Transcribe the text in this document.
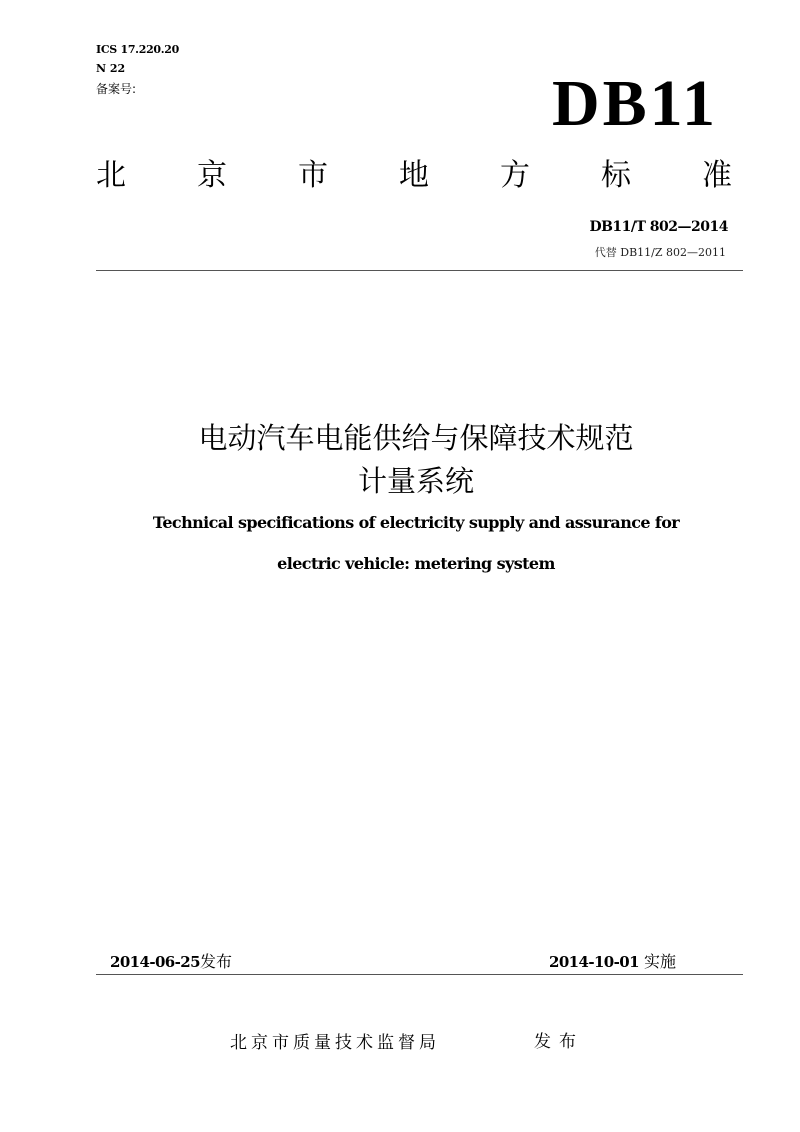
ICS 17.220.20
N 22
备案号:	DB11
北 京 市 地 方 标 准
DB11/T 802—2014
代替 DB11/Z 802—2011
电动汽车电能供给与保障技术规范
计量系统
Technical specifications of electricity supply and assurance for
electric vehicle: metering system
2014-06-25发布	2014-10-01 实施
北京市质量技术监督局	发布
